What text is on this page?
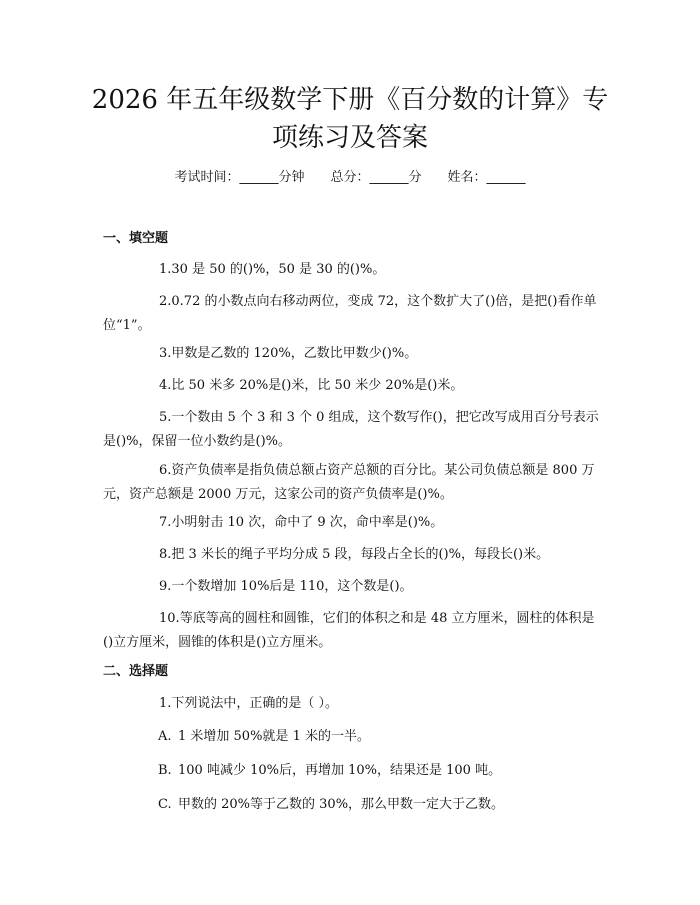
2026 年五年级数学下册《百分数的计算》专
项练习及答案
考试时间：______分钟 总分：______分 姓名：______
一、填空题

1.30 是 50 的()%，50 是 30 的()%。

2.0.72 的小数点向右移动两位，变成 72，这个数扩大了()倍，是把()看作单位“1”。

3.甲数是乙数的 120%，乙数比甲数少()%。

4.比 50 米多 20%是()米，比 50 米少 20%是()米。

5.一个数由 5 个 3 和 3 个 0 组成，这个数写作()，把它改写成用百分号表示是()%，保留一位小数约是()%。

6.资产负债率是指负债总额占资产总额的百分比。某公司负债总额是 800 万元，资产总额是 2000 万元，这家公司的资产负债率是()%。

7.小明射击 10 次，命中了 9 次，命中率是()%。

8.把 3 米长的绳子平均分成 5 段，每段占全长的()%，每段长()米。

9.一个数增加 10%后是 110，这个数是()。

10.等底等高的圆柱和圆锥，它们的体积之和是 48 立方厘米，圆柱的体积是()立方厘米，圆锥的体积是()立方厘米。

二、选择题

1.下列说法中，正确的是（ ）。

A. 1 米增加 50%就是 1 米的一半。

B. 100 吨减少 10%后，再增加 10%，结果还是 100 吨。

C. 甲数的 20%等于乙数的 30%，那么甲数一定大于乙数。
